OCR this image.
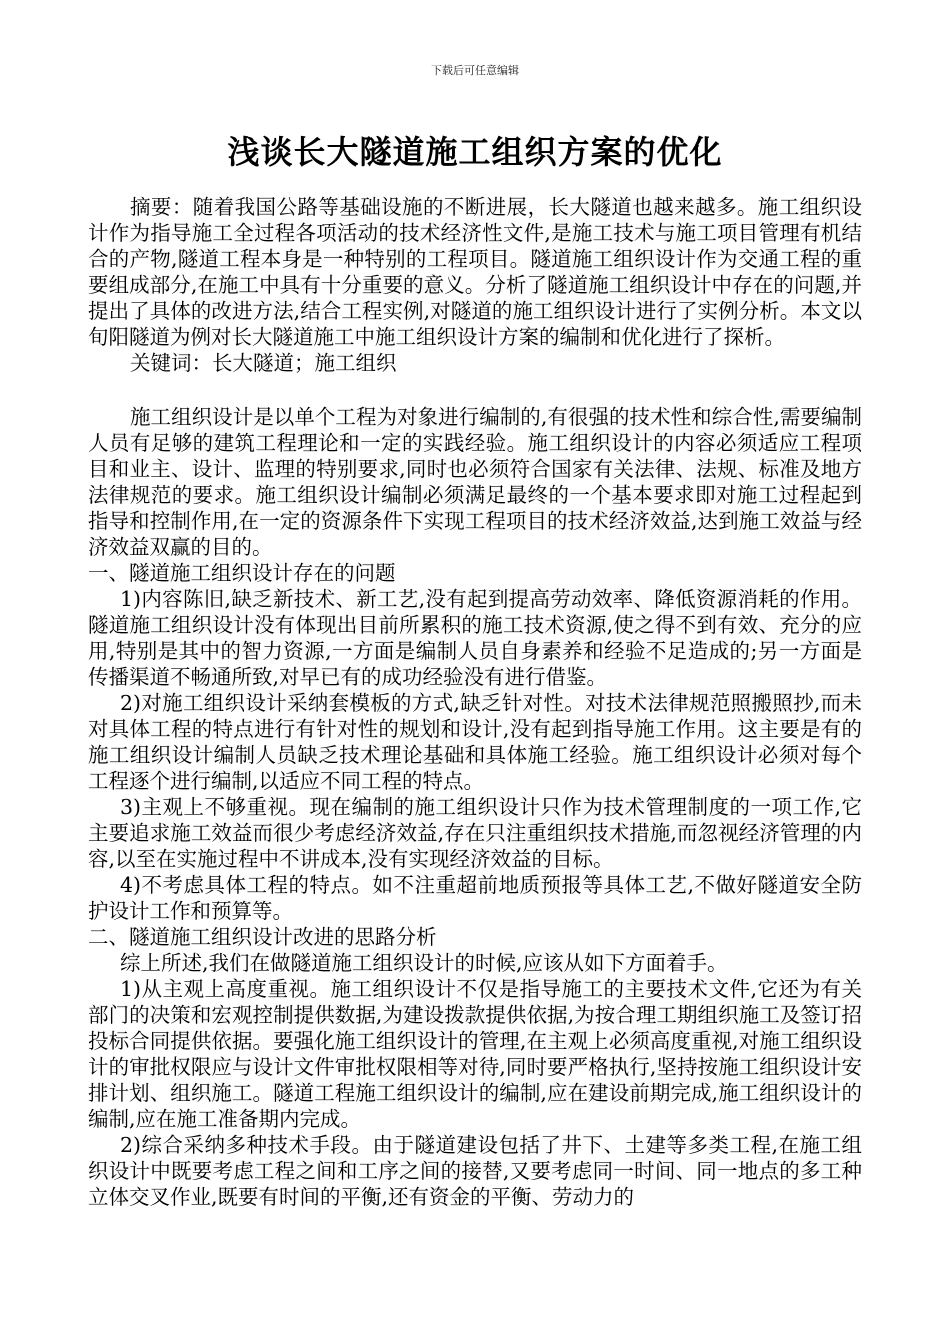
下载后可任意编辑

浅谈长大隧道施工组织方案的优化

摘要：随着我国公路等基础设施的不断进展，长大隧道也越来越多。施工组织设计作为指导施工全过程各项活动的技术经济性文件,是施工技术与施工项目管理有机结合的产物,隧道工程本身是一种特别的工程项目。隧道施工组织设计作为交通工程的重要组成部分,在施工中具有十分重要的意义。分析了隧道施工组织设计中存在的问题,并提出了具体的改进方法,结合工程实例,对隧道的施工组织设计进行了实例分析。本文以旬阳隧道为例对长大隧道施工中施工组织设计方案的编制和优化进行了探析。

关键词：长大隧道；施工组织

施工组织设计是以单个工程为对象进行编制的,有很强的技术性和综合性,需要编制人员有足够的建筑工程理论和一定的实践经验。施工组织设计的内容必须适应工程项目和业主、设计、监理的特别要求,同时也必须符合国家有关法律、法规、标准及地方法律规范的要求。施工组织设计编制必须满足最终的一个基本要求即对施工过程起到指导和控制作用,在一定的资源条件下实现工程项目的技术经济效益,达到施工效益与经济效益双赢的目的。

一、隧道施工组织设计存在的问题

1)内容陈旧,缺乏新技术、新工艺,没有起到提高劳动效率、降低资源消耗的作用。隧道施工组织设计没有体现出目前所累积的施工技术资源,使之得不到有效、充分的应用,特别是其中的智力资源,一方面是编制人员自身素养和经验不足造成的;另一方面是传播渠道不畅通所致,对早已有的成功经验没有进行借鉴。

2)对施工组织设计采纳套模板的方式,缺乏针对性。对技术法律规范照搬照抄,而未对具体工程的特点进行有针对性的规划和设计,没有起到指导施工作用。这主要是有的施工组织设计编制人员缺乏技术理论基础和具体施工经验。施工组织设计必须对每个工程逐个进行编制,以适应不同工程的特点。

3)主观上不够重视。现在编制的施工组织设计只作为技术管理制度的一项工作,它主要追求施工效益而很少考虑经济效益,存在只注重组织技术措施,而忽视经济管理的内容,以至在实施过程中不讲成本,没有实现经济效益的目标。

4)不考虑具体工程的特点。如不注重超前地质预报等具体工艺,不做好隧道安全防护设计工作和预算等。

二、隧道施工组织设计改进的思路分析

综上所述,我们在做隧道施工组织设计的时候,应该从如下方面着手。

1)从主观上高度重视。施工组织设计不仅是指导施工的主要技术文件,它还为有关部门的决策和宏观控制提供数据,为建设拨款提供依据,为按合理工期组织施工及签订招投标合同提供依据。要强化施工组织设计的管理,在主观上必须高度重视,对施工组织设计的审批权限应与设计文件审批权限相等对待,同时要严格执行,坚持按施工组织设计安排计划、组织施工。隧道工程施工组织设计的编制,应在建设前期完成,施工组织设计的编制,应在施工准备期内完成。

2)综合采纳多种技术手段。由于隧道建设包括了井下、土建等多类工程,在施工组织设计中既要考虑工程之间和工序之间的接替,又要考虑同一时间、同一地点的多工种立体交叉作业,既要有时间的平衡,还有资金的平衡、劳动力的
